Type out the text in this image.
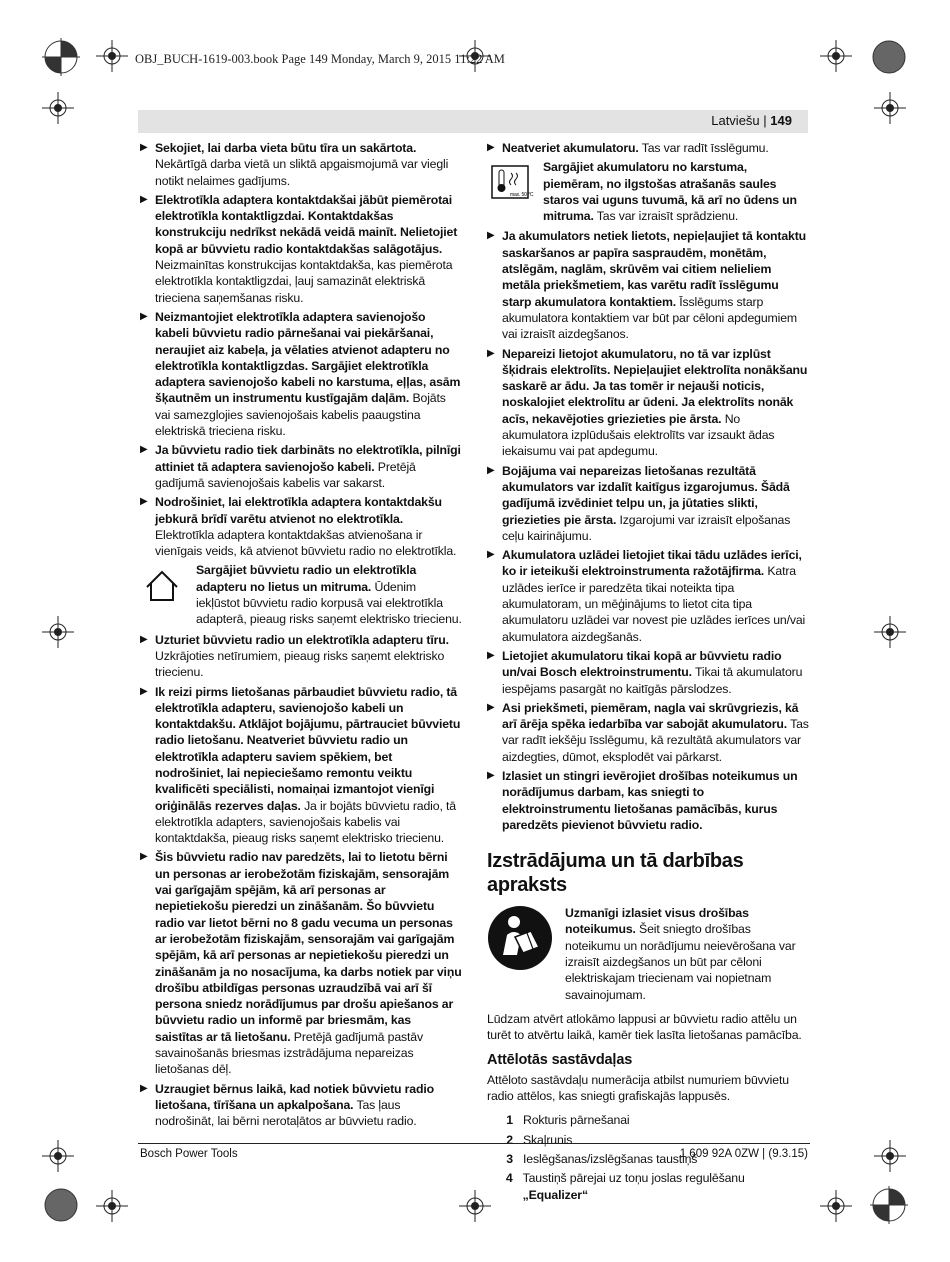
OBJ_BUCH-1619-003.book Page 149 Monday, March 9, 2015 11:22 AM
Latviešu | 149
▶ Sekojiet, lai darba vieta būtu tīra un sakārtota. Nekārtīgā darba vietā un sliktā apgaismojumā var viegli notikt nelaimes gadījums.
▶ Elektrotīkla adaptera kontaktdakšai jābūt piemērotai elektrotīkla kontaktligzdai. Kontaktdakšas konstrukciju nedrīkst nekādā veidā mainīt. Nelietojiet kopā ar būvvietu radio kontaktdakšas salāgotājus. Neizmainītas konstrukcijas kontaktdakša, kas piemērota elektrotīkla kontaktligzdai, ļauj samazināt elektriskā trieciena saņemšanas risku.
▶ Neizmantojiet elektrotīkla adaptera savienojošo kabeli būvvietu radio pārnešanai vai piekāršanai, neraujiet aiz kabeļa, ja vēlaties atvienot adapteru no elektrotīkla kontaktligzdas. Sargājiet elektrotīkla adaptera savienojošo kabeli no karstuma, eļļas, asām šķautnēm un instrumentu kustīgajām daļām. Bojāts vai samezglojies savienojošais kabelis paaugstina elektriskā trieciena risku.
▶ Ja būvvietu radio tiek darbināts no elektrotīkla, pilnīgi attiniet tā adaptera savienojošo kabeli. Pretējā gadījumā savienojošais kabelis var sakarst.
▶ Nodrošiniet, lai elektrotīkla adaptera kontaktdakšu jebkurā brīdī varētu atvienot no elektrotīkla. Elektrotīkla adaptera kontaktdakšas atvienošana ir vienīgais veids, kā atvienot būvvietu radio no elektrotīkla.
Sargājiet būvvietu radio un elektrotīkla adapteru no lietus un mitruma. Ūdenim iekļūstot būvvietu radio korpusā vai elektrotīkla adapterā, pieaug risks saņemt elektrisko triecienu.
▶ Uzturiet būvvietu radio un elektrotīkla adapteru tīru. Uzkrājoties netīrumiem, pieaug risks saņemt elektrisko triecienu.
▶ Ik reizi pirms lietošanas pārbaudiet būvvietu radio, tā elektrotīkla adapteru, savienojošo kabeli un kontaktdakšu. Atklājot bojājumu, pārtrauciet būvvietu radio lietošanu. Neatveriet būvvietu radio un elektrotīkla adapteru saviem spēkiem, bet nodrošiniet, lai nepieciešamo remontu veiktu kvalificēti speciālisti, nomaiņai izmantojot vienīgi oriģinālās rezerves daļas. Ja ir bojāts būvvietu radio, tā elektrotīkla adapters, savienojošais kabelis vai kontaktdakša, pieaug risks saņemt elektrisko triecienu.
▶ Šis būvvietu radio nav paredzēts, lai to lietotu bērni un personas ar ierobežotām fiziskajām, sensorajām vai garīgajām spējām, kā arī personas ar nepietiekošu pieredzi un zināšanām. Šo būvvietu radio var lietot bērni no 8 gadu vecuma un personas ar ierobežotām fiziskajām, sensorajām vai garīgajām spējām, kā arī personas ar nepietiekošu pieredzi un zināšanām ja no nosacījuma, ka darbs notiek par viņu drošību atbildīgas personas uzraudzībā vai arī šī persona sniedz norādījumus par drošu apiešanos ar būvvietu radio un informē par briesmām, kas saistītas ar tā lietošanu. Pretējā gadījumā pastāv savainošanās briesmas izstrādājuma nepareizas lietošanas dēļ.
▶ Uzraugiet bērnus laikā, kad notiek būvvietu radio lietošana, tīrīšana un apkalpošana. Tas ļaus nodrošināt, lai bērni nerotaļātos ar būvvietu radio.
▶ Neatveriet akumulatoru. Tas var radīt īsslēgumu.
max. 50 °C
Sargājiet akumulatoru no karstuma, piemēram, no ilgstošas atrašanās saules staros vai uguns tuvumā, kā arī no ūdens un mitruma. Tas var izraisīt sprādzienu.
▶ Ja akumulators netiek lietots, nepieļaujiet tā kontaktu saskaršanos ar papīra saspraudēm, monētām, atslēgām, naglām, skrūvēm vai citiem nelieliem metāla priekšmetiem, kas varētu radīt īsslēgumu starp akumulatora kontaktiem. Īsslēgums starp akumulatora kontaktiem var būt par cēloni apdegumiem vai izraisīt aizdegšanos.
▶ Nepareizi lietojot akumulatoru, no tā var izplūst šķidrais elektrolīts. Nepieļaujiet elektrolīta nonākšanu saskarē ar ādu. Ja tas tomēr ir nejauši noticis, noskalojiet elektrolītu ar ūdeni. Ja elektrolīts nonāk acīs, nekavējoties griezieties pie ārsta. No akumulatora izplūdušais elektrolīts var izsaukt ādas iekaisumu vai pat apdegumu.
▶ Bojājuma vai nepareizas lietošanas rezultātā akumulators var izdalīt kaitīgus izgarojumus. Šādā gadījumā izvēdiniet telpu un, ja jūtaties slikti, griezieties pie ārsta. Izgarojumi var izraisīt elpošanas ceļu kairinājumu.
▶ Akumulatora uzlādei lietojiet tikai tādu uzlādes ierīci, ko ir ieteikuši elektroinstrumenta ražotājfirma. Katra uzlādes ierīce ir paredzēta tikai noteikta tipa akumulatoram, un mēģinājums to lietot cita tipa akumulatoru uzlādei var novest pie uzlādes ierīces un/vai akumulatora aizdegšanās.
▶ Lietojiet akumulatoru tikai kopā ar būvvietu radio un/vai Bosch elektroinstrumentu. Tikai tā akumulatoru iespējams pasargāt no kaitīgās pārslodzes.
▶ Asi priekšmeti, piemēram, nagla vai skrūvgriezis, kā arī ārēja spēka iedarbība var sabojāt akumulatoru. Tas var radīt iekšēju īsslēgumu, kā rezultātā akumulators var aizdegties, dūmot, eksplodēt vai pārkarst.
▶ Izlasiet un stingri ievērojiet drošības noteikumus un norādījumus darbam, kas sniegti to elektroinstrumentu lietošanas pamācībās, kurus paredzēts pievienot būvvietu radio.
Izstrādājuma un tā darbības apraksts
Uzmanīgi izlasiet visus drošības noteikumus. Šeit sniegto drošības noteikumu un norādījumu neievērošana var izraisīt aizdegšanos un būt par cēloni elektriskajam triecienam vai nopietnam savainojumam.
Lūdzam atvērt atlokāmo lappusi ar būvvietu radio attēlu un turēt to atvērtu laikā, kamēr tiek lasīta lietošanas pamācība.
Attēlotās sastāvdaļas
Attēloto sastāvdaļu numerācija atbilst numuriem būvvietu radio attēlos, kas sniegti grafiskajās lappusēs.
1 Rokturis pārnešanai
2 Skaļrunis
3 Ieslēgšanas/izslēgšanas taustiņš
4 Taustiņš pārejai uz toņu joslas regulēšanu „Equalizer“
Bosch Power Tools	1 609 92A 0ZW | (9.3.15)
